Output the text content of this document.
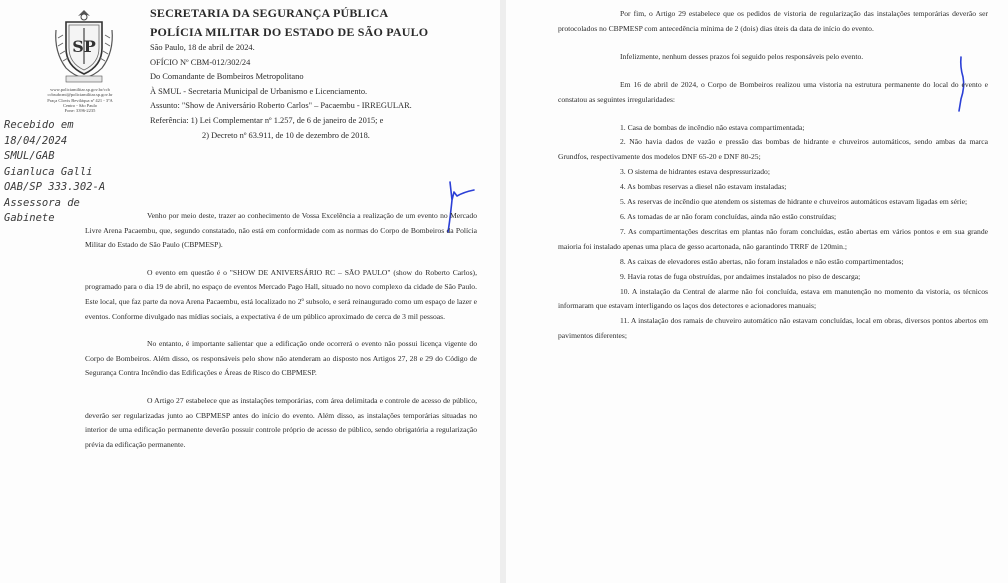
SP
www.policiamilitar.sp.gov.br/ccb
ccbsubcmt@policiamilitar.sp.gov.br
Praça Clovis Beviláqua nº 421 - 3ºA
Centro - São Paulo
Fone: 3396-2235
SECRETARIA DA SEGURANÇA PÚBLICA
POLÍCIA MILITAR DO ESTADO DE SÃO PAULO
São Paulo, 18 de abril de 2024.
OFÍCIO Nº CBM-012/302/24
Do Comandante de Bombeiros Metropolitano
À SMUL - Secretaria Municipal de Urbanismo e Licenciamento.
Assunto: "Show de Aniversário Roberto Carlos" – Pacaembu - IRREGULAR.
Referência: 1) Lei Complementar nº 1.257, de 6 de janeiro de 2015; e
2) Decreto nº 63.911, de 10 de dezembro de 2018.
Recebido em
18/04/2024
SMUL/GAB
Gianluca Galli
OAB/SP 333.302-A
Assessora de
Gabinete	Venho por meio deste, trazer ao conhecimento de Vossa Excelência a realização de um evento no Mercado Livre Arena Pacaembu, que, segundo constatado, não está em conformidade com as normas do Corpo de Bombeiros da Polícia Militar do Estado de São Paulo (CBPMESP).

O evento em questão é o "SHOW DE ANIVERSÁRIO RC – SÃO PAULO" (show do Roberto Carlos), programado para o dia 19 de abril, no espaço de eventos Mercado Pago Hall, situado no novo complexo da cidade de São Paulo. Este local, que faz parte da nova Arena Pacaembu, está localizado no 2º subsolo, e será reinaugurado como um espaço de lazer e eventos. Conforme divulgado nas mídias sociais, a expectativa é de um público aproximado de cerca de 3 mil pessoas.

No entanto, é importante salientar que a edificação onde ocorrerá o evento não possui licença vigente do Corpo de Bombeiros. Além disso, os responsáveis pelo show não atenderam ao disposto nos Artigos 27, 28 e 29 do Código de Segurança Contra Incêndio das Edificações e Áreas de Risco do CBPMESP.

O Artigo 27 estabelece que as instalações temporárias, com área delimitada e controle de acesso de público, deverão ser regularizadas junto ao CBPMESP antes do início do evento. Além disso, as instalações temporárias situadas no interior de uma edificação permanente deverão possuir controle próprio de acesso de público, sendo obrigatória a regularização prévia da edificação permanente.

Por fim, o Artigo 29 estabelece que os pedidos de vistoria de regularização das instalações temporárias deverão ser protocolados no CBPMESP com antecedência mínima de 2 (dois) dias úteis da data de início do evento.

Infelizmente, nenhum desses prazos foi seguido pelos responsáveis pelo evento.

Em 16 de abril de 2024, o Corpo de Bombeiros realizou uma vistoria na estrutura permanente do local do evento e constatou as seguintes irregularidades:

1. Casa de bombas de incêndio não estava compartimentada;
2. Não havia dados de vazão e pressão das bombas de hidrante e chuveiros automáticos, sendo ambas da marca Grundfos, respectivamente dos modelos DNF 65-20 e DNF 80-25;
3. O sistema de hidrantes estava despressurizado;
4. As bombas reservas a diesel não estavam instaladas;
5. As reservas de incêndio que atendem os sistemas de hidrante e chuveiros automáticos estavam ligadas em série;
6. As tomadas de ar não foram concluídas, ainda não estão construídas;
7. As compartimentações descritas em plantas não foram concluídas, estão abertas em vários pontos e em sua grande maioria foi instalado apenas uma placa de gesso acartonada, não garantindo TRRF de 120min.;
8. As caixas de elevadores estão abertas, não foram instalados e não estão compartimentados;
9. Havia rotas de fuga obstruídas, por andaimes instalados no piso de descarga;
10. A instalação da Central de alarme não foi concluída, estava em manutenção no momento da vistoria, os técnicos informaram que estavam interligando os laços dos detectores e acionadores manuais;
11. A instalação dos ramais de chuveiro automático não estavam concluídas, local em obras, diversos pontos abertos em pavimentos diferentes;
